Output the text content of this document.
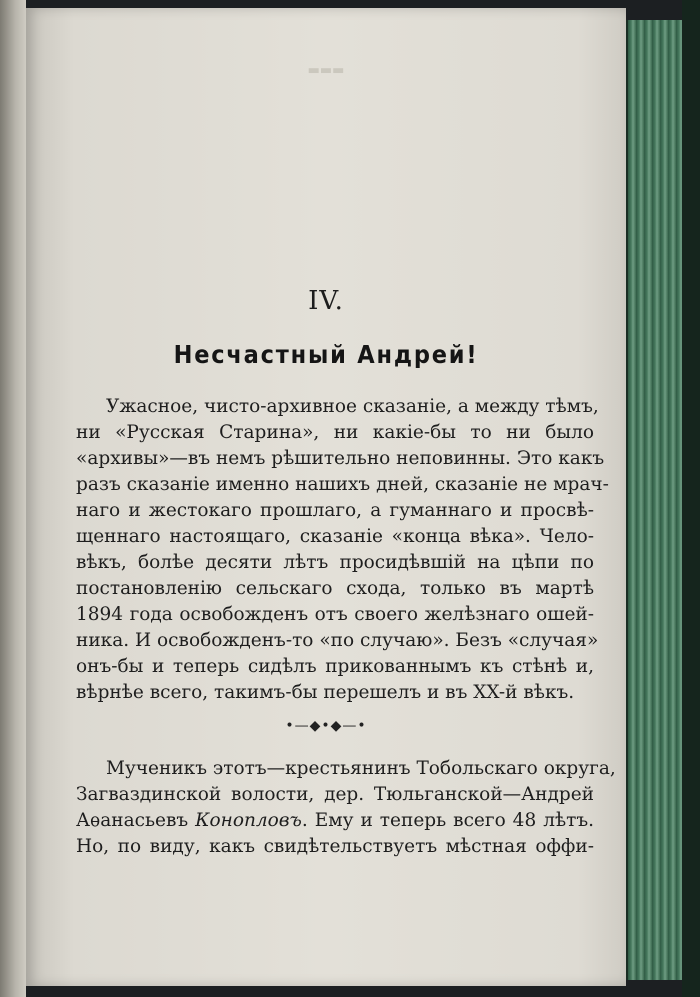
▬▬▬
IV.
Несчастный Андрей!
Ужасное, чисто-архивное сказаніе, а между тѣмъ,
ни «Русская Старина», ни какіе-бы то ни было
«архивы»—въ немъ рѣшительно неповинны. Это какъ
разъ сказаніе именно нашихъ дней, сказаніе не мрач-
наго и жестокаго прошлаго, а гуманнаго и просвѣ-
щеннаго настоящаго, сказаніе «конца вѣка». Чело-
вѣкъ, болѣе десяти лѣтъ просидѣвшій на цѣпи по
постановленію сельскаго схода, только въ мартѣ
1894 года освобожденъ отъ своего желѣзнаго ошей-
ника. И освобожденъ-то «по случаю». Безъ «случая»
онъ-бы и теперь сидѣлъ прикованнымъ къ стѣнѣ и,
вѣрнѣе всего, такимъ-бы перешелъ и въ XX-й вѣкъ.
•—◆•◆—•
Мученикъ этотъ—крестьянинъ Тобольскаго округа,
Загваздинской волости, дер. Тюльганской—Андрей
Аѳанасьевъ Конопловъ. Ему и теперь всего 48 лѣтъ.
Но, по виду, какъ свидѣтельствуетъ мѣстная оффи-
